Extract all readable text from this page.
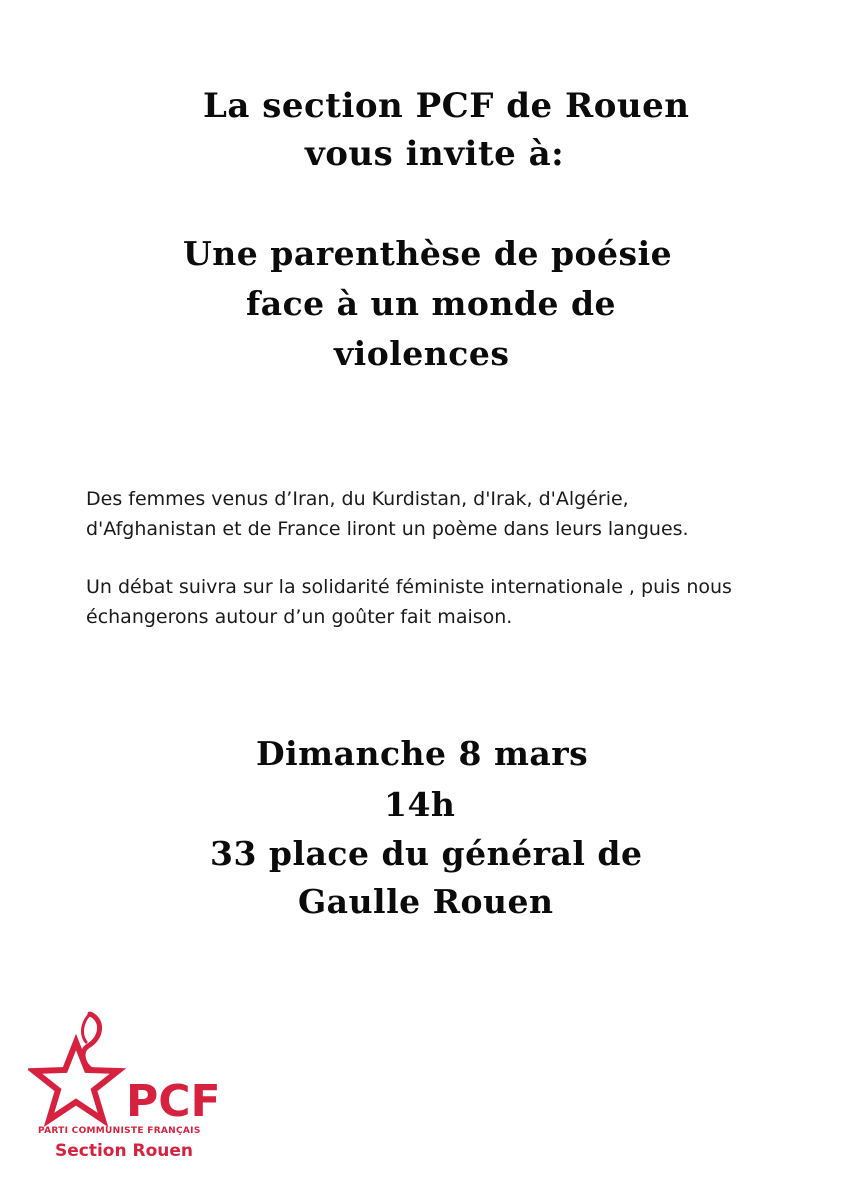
La section PCF de Rouen
vous invite à:
Une parenthèse de poésie
face à un monde de
violences
Des femmes venus d’Iran, du Kurdistan, d'Irak, d'Algérie,
d'Afghanistan et de France liront un poème dans leurs langues.
Un débat suivra sur la solidarité féministe internationale , puis nous
échangerons autour d’un goûter fait maison.
Dimanche 8 mars
14h
33 place du général de
Gaulle Rouen
PCF
PARTI COMMUNISTE FRANÇAIS
Section Rouen
